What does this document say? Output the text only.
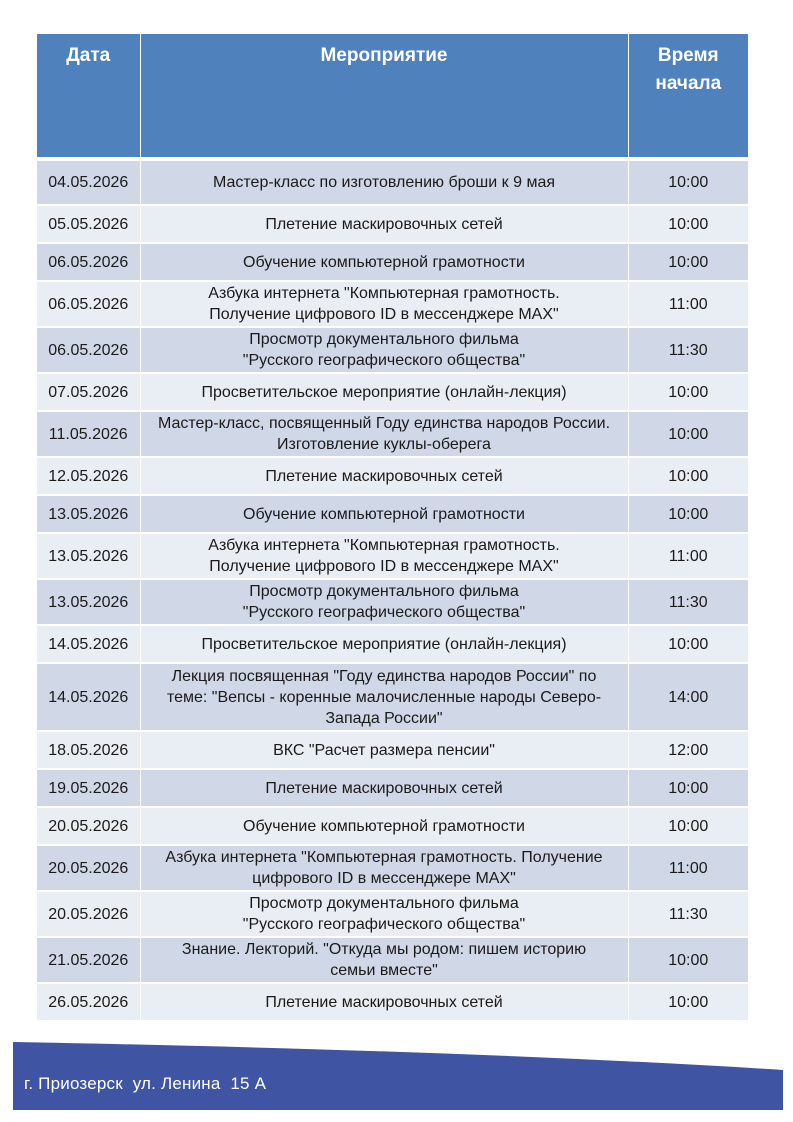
Дата	Мероприятие	Время
начала
04.05.2026	Мастер-класс по изготовлению броши к 9 мая	10:00
05.05.2026	Плетение маскировочных сетей	10:00
06.05.2026	Обучение компьютерной грамотности	10:00
06.05.2026	Азбука интернета "Компьютерная грамотность.
Получение цифрового ID в мессенджере MAX"	11:00
06.05.2026	Просмотр документального фильма
"Русского географического общества"	11:30
07.05.2026	Просветительское мероприятие (онлайн-лекция)	10:00
11.05.2026	Мастер-класс, посвященный Году единства народов России.
Изготовление куклы-оберега	10:00
12.05.2026	Плетение маскировочных сетей	10:00
13.05.2026	Обучение компьютерной грамотности	10:00
13.05.2026	Азбука интернета "Компьютерная грамотность.
Получение цифрового ID в мессенджере MAX"	11:00
13.05.2026	Просмотр документального фильма
"Русского географического общества"	11:30
14.05.2026	Просветительское мероприятие (онлайн-лекция)	10:00
14.05.2026	Лекция посвященная "Году единства народов России" по
теме: "Вепсы - коренные малочисленные народы Северо-
Запада России"	14:00
18.05.2026	ВКС "Расчет размера пенсии"	12:00
19.05.2026	Плетение маскировочных сетей	10:00
20.05.2026	Обучение компьютерной грамотности	10:00
20.05.2026	Азбука интернета "Компьютерная грамотность. Получение
цифрового ID в мессенджере MAX"	11:00
20.05.2026	Просмотр документального фильма
"Русского географического общества"	11:30
21.05.2026	Знание. Лекторий. "Откуда мы родом: пишем историю
семьи вместе"	10:00
26.05.2026	Плетение маскировочных сетей	10:00
г. Приозерск  ул. Ленина  15 А
